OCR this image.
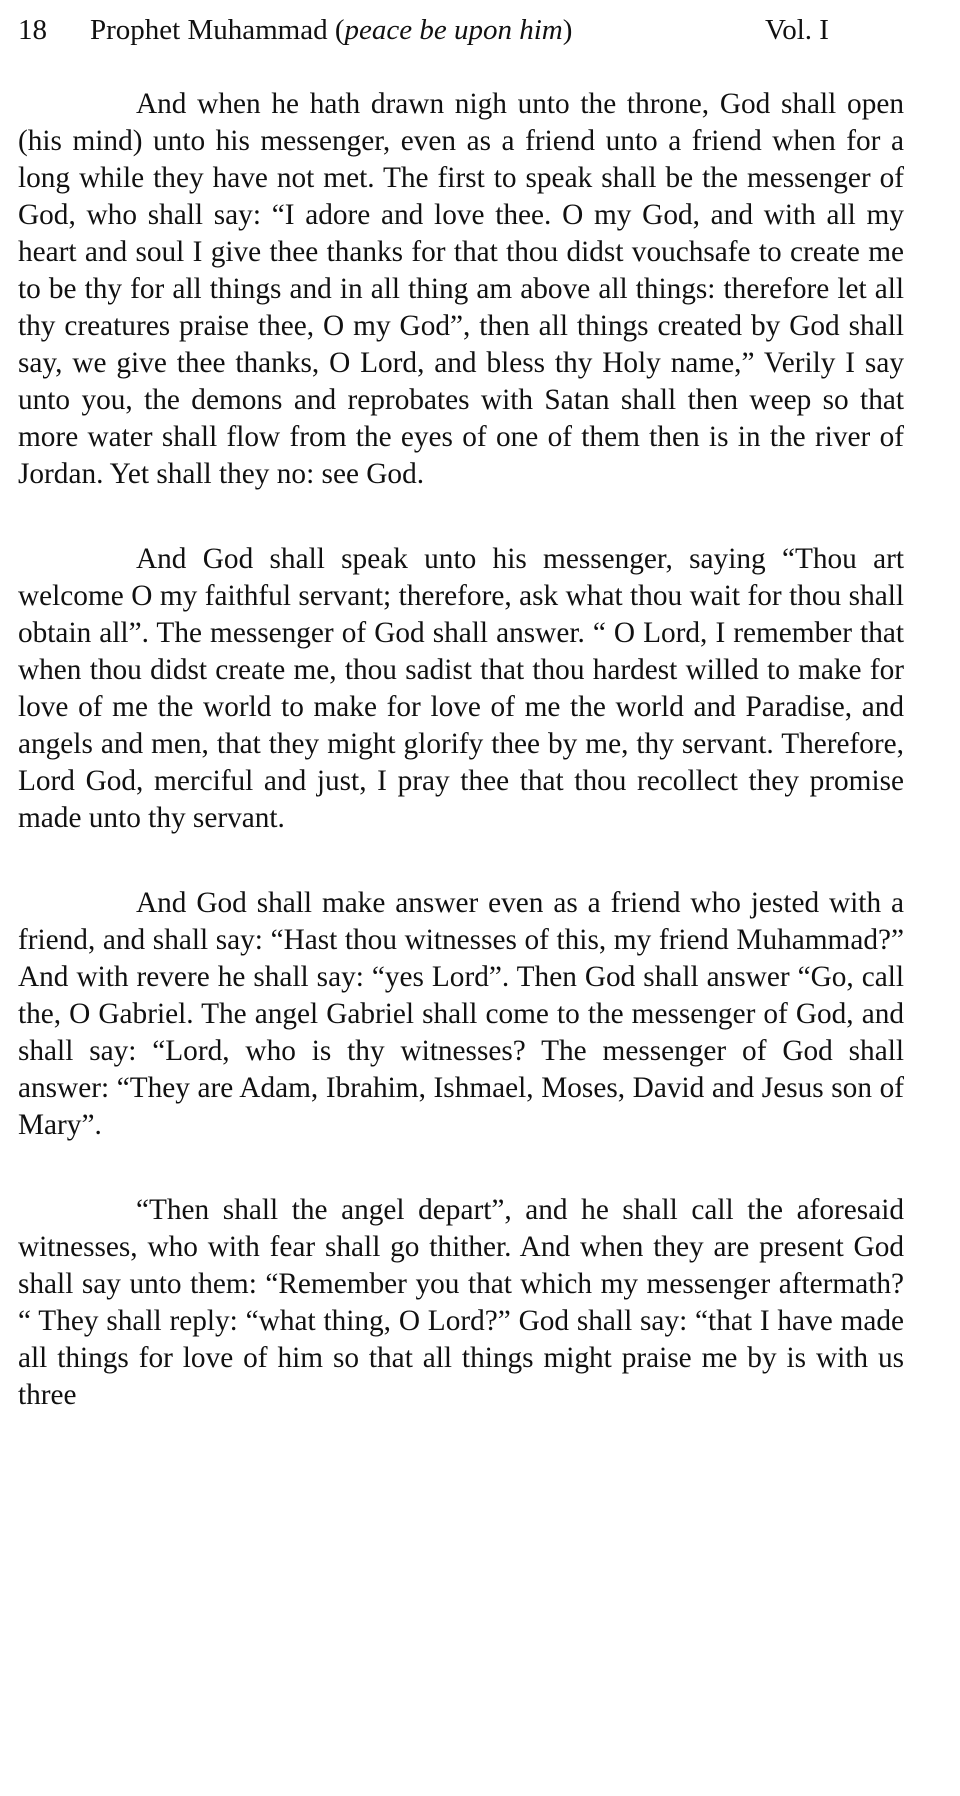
18 Prophet Muhammad (peace be upon him)	Vol. I

And when he hath drawn nigh unto the throne, God shall open (his mind) unto his messenger, even as a friend unto a friend when for a long while they have not met. The first to speak shall be the messenger of God, who shall say: “I adore and love thee. O my God, and with all my heart and soul I give thee thanks for that thou didst vouchsafe to create me to be thy for all things and in all thing am above all things: therefore let all thy creatures praise thee, O my God”, then all things created by God shall say, we give thee thanks, O Lord, and bless thy Holy name,” Verily I say unto you, the demons and reprobates with Satan shall then weep so that more water shall flow from the eyes of one of them then is in the river of Jordan. Yet shall they no: see God.

And God shall speak unto his messenger, saying “Thou art welcome O my faithful servant; therefore, ask what thou wait for thou shall obtain all”. The messenger of God shall answer. “ O Lord, I remember that when thou didst create me, thou sadist that thou hardest willed to make for love of me the world to make for love of me the world and Paradise, and angels and men, that they might glorify thee by me, thy servant. Therefore, Lord God, merciful and just, I pray thee that thou recollect they promise made unto thy servant.

And God shall make answer even as a friend who jested with a friend, and shall say: “Hast thou witnesses of this, my friend Muhammad?” And with revere he shall say: “yes Lord”. Then God shall answer “Go, call the, O Gabriel. The angel Gabriel shall come to the messenger of God, and shall say: “Lord, who is thy witnesses? The messenger of God shall answer: “They are Adam, Ibrahim, Ishmael, Moses, David and Jesus son of Mary”.

“Then shall the angel depart”, and he shall call the aforesaid witnesses, who with fear shall go thither. And when they are present God shall say unto them: “Remember you that which my messenger aftermath? “ They shall reply: “what thing, O Lord?” God shall say: “that I have made all things for love of him so that all things might praise me by is with us three
